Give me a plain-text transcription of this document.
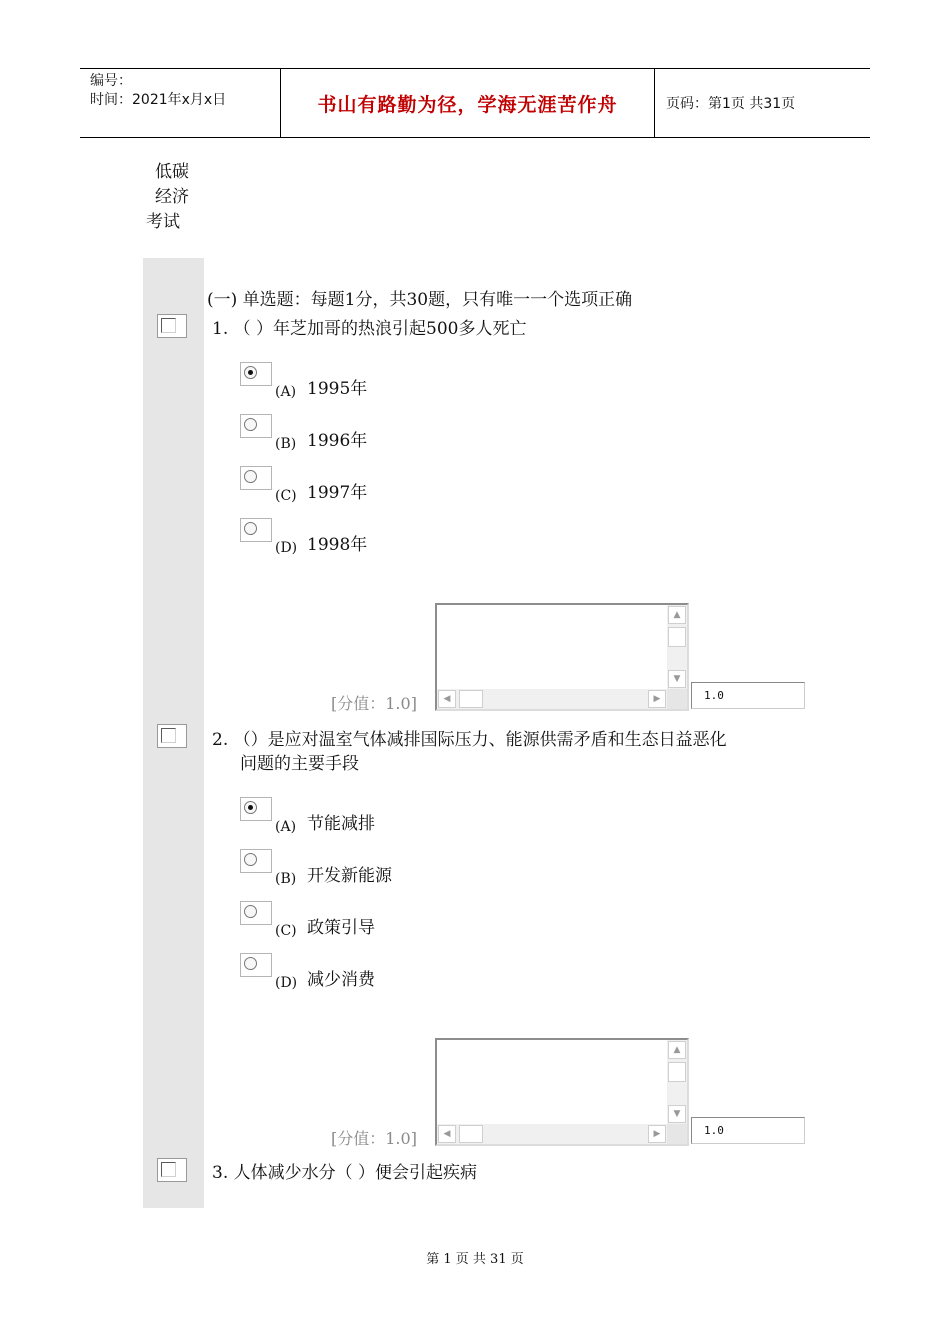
编号：
时间：2021年x月x日	书山有路勤为径，学海无涯苦作舟	页码：第1页 共31页
低碳
经济
考试
(一) 单选题：每题1分，共30题，只有唯一一个选项正确
1. （ ）年芝加哥的热浪引起500多人死亡
(A) 1995年
(B) 1996年
(C) 1997年
(D) 1998年
▲
▼
◀	▶
[分值：1.0]	1.0
2. （）是应对温室气体减排国际压力、能源供需矛盾和生态日益恶化
问题的主要手段
(A) 节能减排
(B) 开发新能源
(C) 政策引导
(D) 减少消费
▲
▼
◀	▶
[分值：1.0]	1.0
3. 人体减少水分（ ）便会引起疾病
第 1 页 共 31 页
